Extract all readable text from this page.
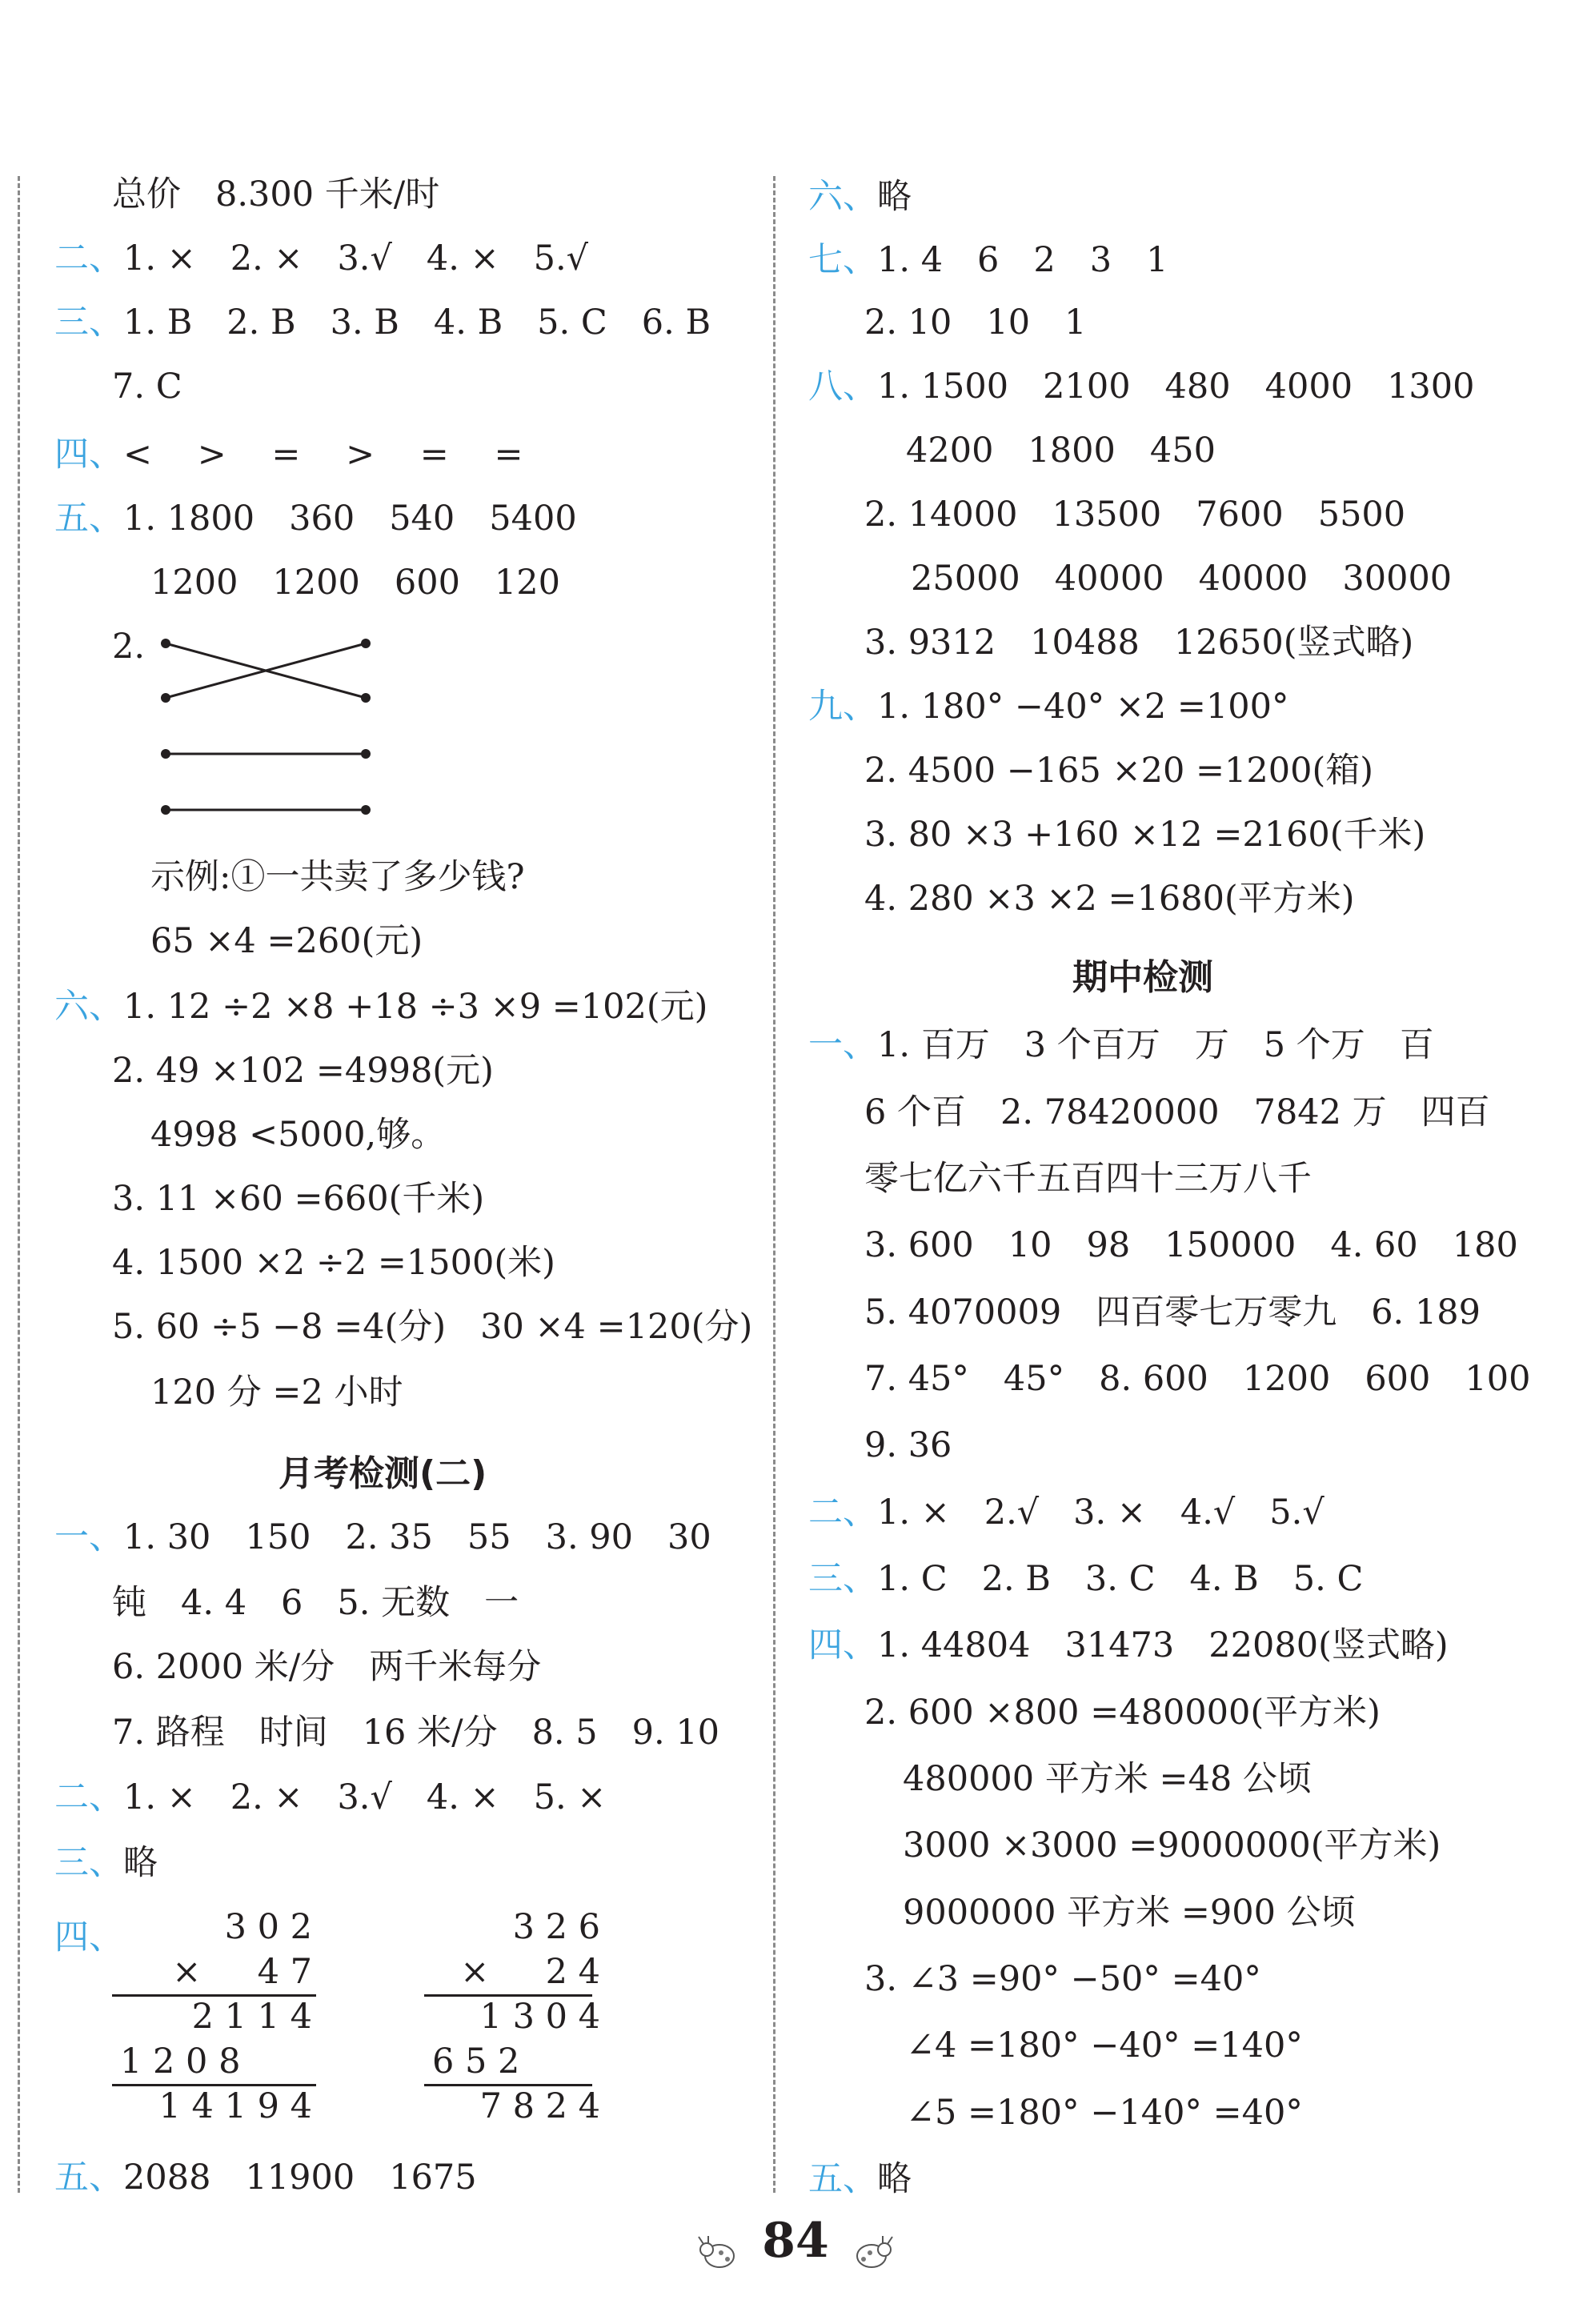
总价　8.300 千米/时
二、1. ×　2. ×　3.√　4. ×　5.√
三、1. B　2. B　3. B　4. B　5. C　6. B
7. C
四、<　 >　 =　 >　 =　 =
五、1. 1800　360　540　5400
1200　1200　600　120
2.
示例:①一共卖了多少钱?
65 ×4 =260(元)
六、1. 12 ÷2 ×8 +18 ÷3 ×9 =102(元)
2. 49 ×102 =4998(元)
4998 <5000,够。
3. 11 ×60 =660(千米)
4. 1500 ×2 ÷2 =1500(米)
5. 60 ÷5 −8 =4(分)　30 ×4 =120(分)
120 分 =2 小时
月考检测(二)
一、1. 30　150　2. 35　55　3. 90　30
钝　4. 4　6　5. 无数　一
6. 2000 米/分　两千米每分
7. 路程　时间　16 米/分　8. 5　9. 10
二、1. ×　2. ×　3.√　4. ×　5. ×
三、略
四、	3 0 2
× 　 4 7
2 1 1 4
1 2 0 8
1 4 1 9 4
3 2 6
× 　 2 4
1 3 0 4
6 5 2
7 8 2 4
五、2088　11900　1675
六、略
七、1. 4　6　2　3　1
2. 10　10　1
八、1. 1500　2100　480　4000　1300
4200　1800　450
2. 14000　13500　7600　5500
25000　40000　40000　30000
3. 9312　10488　12650(竖式略)
九、1. 180° −40° ×2 =100°
2. 4500 −165 ×20 =1200(箱)
3. 80 ×3 +160 ×12 =2160(千米)
4. 280 ×3 ×2 =1680(平方米)
期中检测
一、1. 百万　3 个百万　万　5 个万　百
6 个百　2. 78420000　7842 万　四百
零七亿六千五百四十三万八千
3. 600　10　98　150000　4. 60　180
5. 4070009　四百零七万零九　6. 189
7. 45°　45°　8. 600　1200　600　100
9. 36
二、1. ×　2.√　3. ×　4.√　5.√
三、1. C　2. B　3. C　4. B　5. C
四、1. 44804　31473　22080(竖式略)
2. 600 ×800 =480000(平方米)
480000 平方米 =48 公顷
3000 ×3000 =9000000(平方米)
9000000 平方米 =900 公顷
3. ∠3 =90° −50° =40°
∠4 =180° −40° =140°
∠5 =180° −140° =40°
五、略
84
